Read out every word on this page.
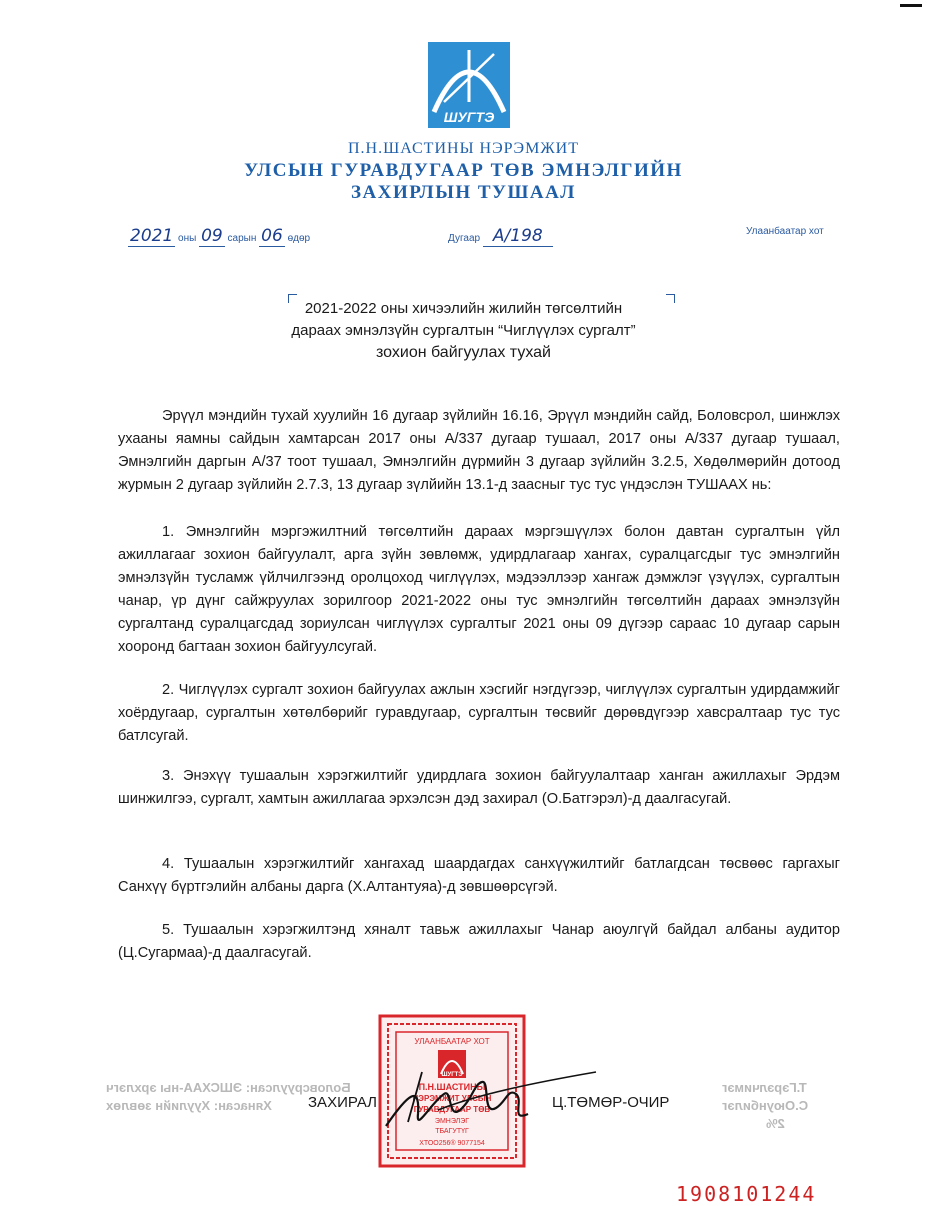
ШУГТЭ
П.Н.ШАСТИНЫ НЭРЭМЖИТ
УЛСЫН ГУРАВДУГААР ТӨВ ЭМНЭЛГИЙН
ЗАХИРЛЫН ТУШААЛ
2021 оны 09 сарын 06 өдөр	Дугаар А/198	Улаанбаатар хот
2021-2022 оны хичээлийн жилийн төгсөлтийн
дараах эмнэлзүйн сургалтын “Чиглүүлэх сургалт”
зохион байгуулах тухай
Эрүүл мэндийн тухай хуулийн 16 дугаар зүйлийн 16.16, Эрүүл мэндийн сайд, Боловсрол, шинжлэх ухааны яамны сайдын хамтарсан 2017 оны А/337 дугаар тушаал, 2017 оны А/337 дугаар тушаал, Эмнэлгийн даргын А/37 тоот тушаал, Эмнэлгийн дүрмийн 3 дугаар зүйлийн 3.2.5, Хөдөлмөрийн дотоод журмын 2 дугаар зүйлийн 2.7.3, 13 дугаар зүлйийн 13.1-д заасныг тус тус үндэслэн ТУШААХ нь:
1. Эмнэлгийн мэргэжилтний төгсөлтийн дараах мэргэшүүлэх болон давтан сургалтын үйл ажиллагааг зохион байгуулалт, арга зүйн зөвлөмж, удирдлагаар хангах, суралцагсдыг тус эмнэлгийн эмнэлзүйн тусламж үйлчилгээнд оролцоход чиглүүлэх, мэдээллээр хангаж дэмжлэг үзүүлэх, сургалтын чанар, үр дүнг сайжруулах зорилгоор 2021-2022 оны тус эмнэлгийн төгсөлтийн дараах эмнэлзүйн сургалтанд суралцагсдад зориулсан чиглүүлэх сургалтыг 2021 оны 09 дүгээр сараас 10 дугаар сарын хооронд багтаан зохион байгуулсугай.
2. Чиглүүлэх сургалт зохион байгуулах ажлын хэсгийг нэгдүгээр, чиглүүлэх сургалтын удирдамжийг хоёрдугаар, сургалтын хөтөлбөрийг гуравдугаар, сургалтын төсвийг дөрөвдүгээр хавсралтаар тус тус батлсугай.
3. Энэхүү тушаалын хэрэгжилтийг удирдлага зохион байгуулалтаар ханган ажиллахыг Эрдэм шинжилгээ, сургалт, хамтын ажиллагаа эрхэлсэн дэд захирал (О.Батгэрэл)-д даалгасугай.
4. Тушаалын хэрэгжилтийг хангахад шаардагдах санхүүжилтийг батлагдсан төсвөөс гаргахыг Санхүү бүртгэлийн албаны дарга (Х.Алтантуяа)-д зөвшөөрсүгэй.
5. Тушаалын хэрэгжилтэнд хяналт тавьж ажиллахыг Чанар аюулгүй байдал албаны аудитор (Ц.Сугармаа)-д даалгасугай.
Боловсруулсан: ЭШСХАА-ны эрхлэгч
Хянасан: Хуулийн зөвлөх
2%
Т.Гэрэлчимэг
С.Оюунбилэг
ЗАХИРАЛ	Ц.ТӨМӨР-ОЧИР
УЛААНБААТАР ХОТ
ШУГТЭ
П.Н.ШАСТИНЫ
НЭРЭМЖИТ УЛСЫН
ГУРАВДУГААР ТӨВ
ЭМНЭЛЭГ
ТБАГУТҮГ
ХТОО256® 9077154
1908101244
